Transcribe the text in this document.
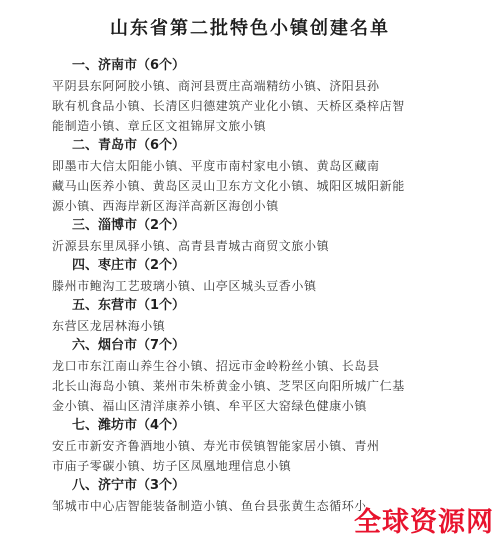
山东省第二批特色小镇创建名单
一、济南市（6个）
平阴县东阿阿胶小镇、商河县贾庄高端精纺小镇、济阳县孙
耿有机食品小镇、长清区归德建筑产业化小镇、天桥区桑梓店智
能制造小镇、章丘区文祖锦屏文旅小镇
二、青岛市（6个）
即墨市大信太阳能小镇、平度市南村家电小镇、黄岛区藏南
藏马山医养小镇、黄岛区灵山卫东方文化小镇、城阳区城阳新能
源小镇、西海岸新区海洋高新区海创小镇
三、淄博市（2个）
沂源县东里凤驿小镇、高青县青城古商贸文旅小镇
四、枣庄市（2个）
滕州市鲍沟工艺玻璃小镇、山亭区城头豆香小镇
五、东营市（1个）
东营区龙居林海小镇
六、烟台市（7个）
龙口市东江南山养生谷小镇、招远市金岭粉丝小镇、长岛县
北长山海岛小镇、莱州市朱桥黄金小镇、芝罘区向阳所城广仁基
金小镇、福山区清洋康养小镇、牟平区大窑绿色健康小镇
七、潍坊市（4个）
安丘市新安齐鲁酒地小镇、寿光市侯镇智能家居小镇、青州
市庙子零碳小镇、坊子区凤凰地理信息小镇
八、济宁市（3个）
邹城市中心店智能装备制造小镇、鱼台县张黄生态循环小
全球资源网
